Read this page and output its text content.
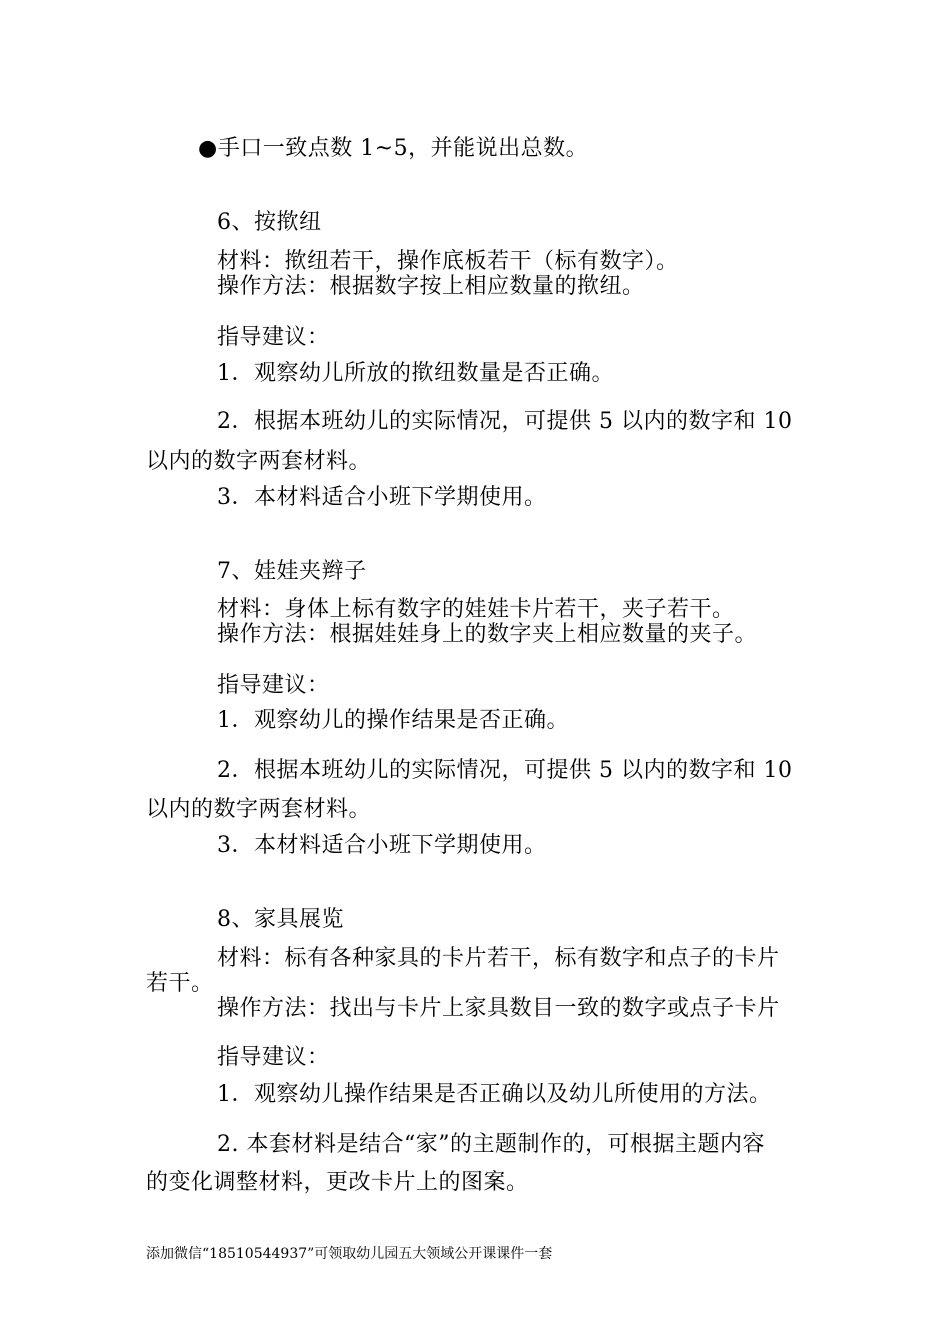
●手口一致点数 1~5，并能说出总数。
6、按揿纽
材料：揿纽若干，操作底板若干（标有数字）。
操作方法：根据数字按上相应数量的揿纽。
指导建议：
1．观察幼儿所放的揿纽数量是否正确。
2．根据本班幼儿的实际情况，可提供 5 以内的数字和 10
以内的数字两套材料。
3．本材料适合小班下学期使用。
7、娃娃夹辫子
材料：身体上标有数字的娃娃卡片若干，夹子若干。
操作方法：根据娃娃身上的数字夹上相应数量的夹子。
指导建议：
1．观察幼儿的操作结果是否正确。
2．根据本班幼儿的实际情况，可提供 5 以内的数字和 10
以内的数字两套材料。
3．本材料适合小班下学期使用。
8、家具展览
材料：标有各种家具的卡片若干，标有数字和点子的卡片
若干。
操作方法：找出与卡片上家具数目一致的数字或点子卡片
指导建议：
1．观察幼儿操作结果是否正确以及幼儿所使用的方法。
2. 本套材料是结合“家”的主题制作的，可根据主题内容
的变化调整材料，更改卡片上的图案。
添加微信“18510544937”可领取幼儿园五大领域公开课课件一套
